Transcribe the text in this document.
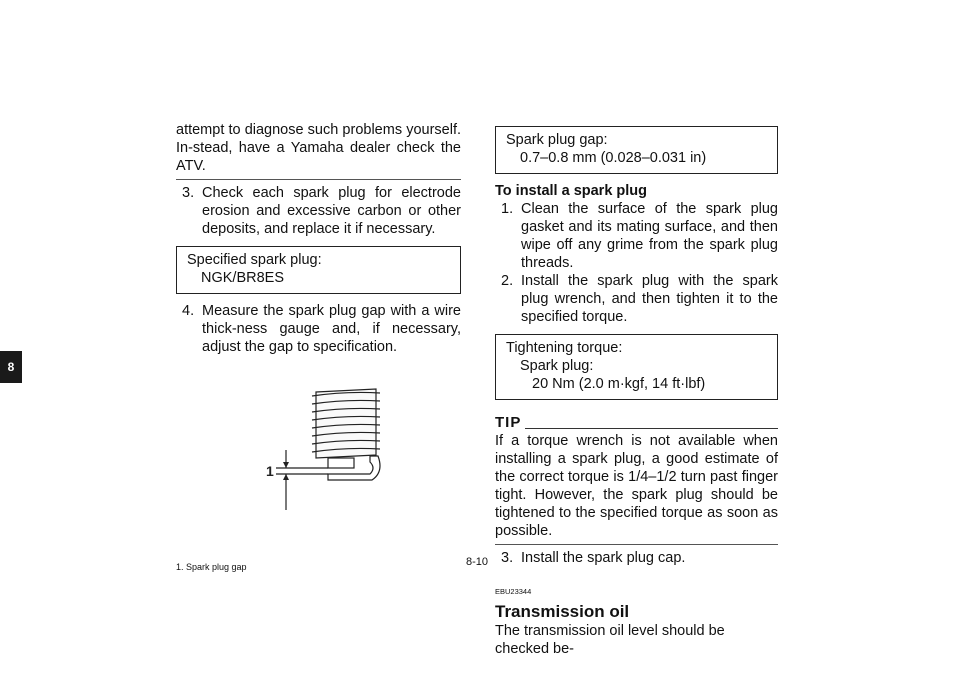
8

attempt to diagnose such problems yourself. In-stead, have a Yamaha dealer check the ATV.

3. Check each spark plug for electrode erosion and excessive carbon or other deposits, and replace it if necessary.
Specified spark plug:
NGK/BR8ES
4. Measure the spark plug gap with a wire thick-ness gauge and, if necessary, adjust the gap to specification.
1
1. Spark plug gap
Spark plug gap:
0.7–0.8 mm (0.028–0.031 in)
To install a spark plug
1. Clean the surface of the spark plug gasket and its mating surface, and then wipe off any grime from the spark plug threads.
2. Install the spark plug with the spark plug wrench, and then tighten it to the specified torque.
Tightening torque:
Spark plug:
20 Nm (2.0 m·kgf, 14 ft·lbf)
TIP

If a torque wrench is not available when installing a spark plug, a good estimate of the correct torque is 1/4–1/2 turn past finger tight. However, the spark plug should be tightened to the specified torque as soon as possible.

3. Install the spark plug cap.
EBU23344
Transmission oil

The transmission oil level should be checked be-

8-10
